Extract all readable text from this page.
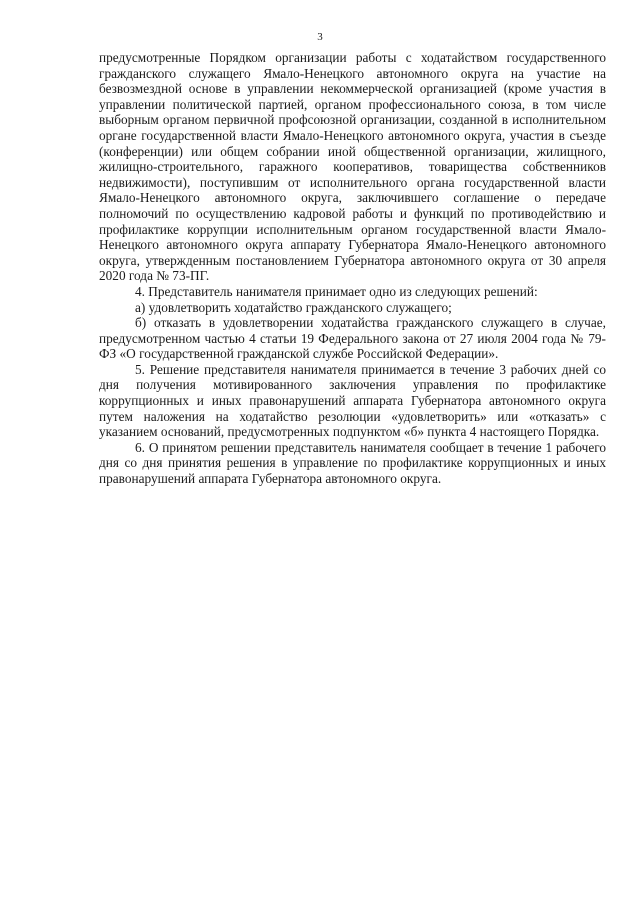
3

предусмотренные Порядком организации работы с ходатайством государственного гражданского служащего Ямало-Ненецкого автономного округа на участие на безвозмездной основе в управлении некоммерческой организацией (кроме участия в управлении политической партией, органом профессионального союза, в том числе выборным органом первичной профсоюзной организации, созданной в исполнительном органе государственной власти Ямало-Ненецкого автономного округа, участия в съезде (конференции) или общем собрании иной общественной организации, жилищного, жилищно-строительного, гаражного кооперативов, товарищества собственников недвижимости), поступившим от исполнительного органа государственной власти Ямало-Ненецкого автономного округа, заключившего соглашение о передаче полномочий по осуществлению кадровой работы и функций по противодействию и профилактике коррупции исполнительным органом государственной власти Ямало-Ненецкого автономного округа аппарату Губернатора Ямало-Ненецкого автономного округа, утвержденным постановлением Губернатора автономного округа от 30 апреля 2020 года № 73-ПГ.

4. Представитель нанимателя принимает одно из следующих решений:

а) удовлетворить ходатайство гражданского служащего;

б) отказать в удовлетворении ходатайства гражданского служащего в случае, предусмотренном частью 4 статьи 19 Федерального закона от 27 июля 2004 года № 79-ФЗ «О государственной гражданской службе Российской Федерации».

5. Решение представителя нанимателя принимается в течение 3 рабочих дней со дня получения мотивированного заключения управления по профилактике коррупционных и иных правонарушений аппарата Губернатора автономного округа путем наложения на ходатайство резолюции «удовлетворить» или «отказать» с указанием оснований, предусмотренных подпунктом «б» пункта 4 настоящего Порядка.

6. О принятом решении представитель нанимателя сообщает в течение 1 рабочего дня со дня принятия решения в управление по профилактике коррупционных и иных правонарушений аппарата Губернатора автономного округа.
